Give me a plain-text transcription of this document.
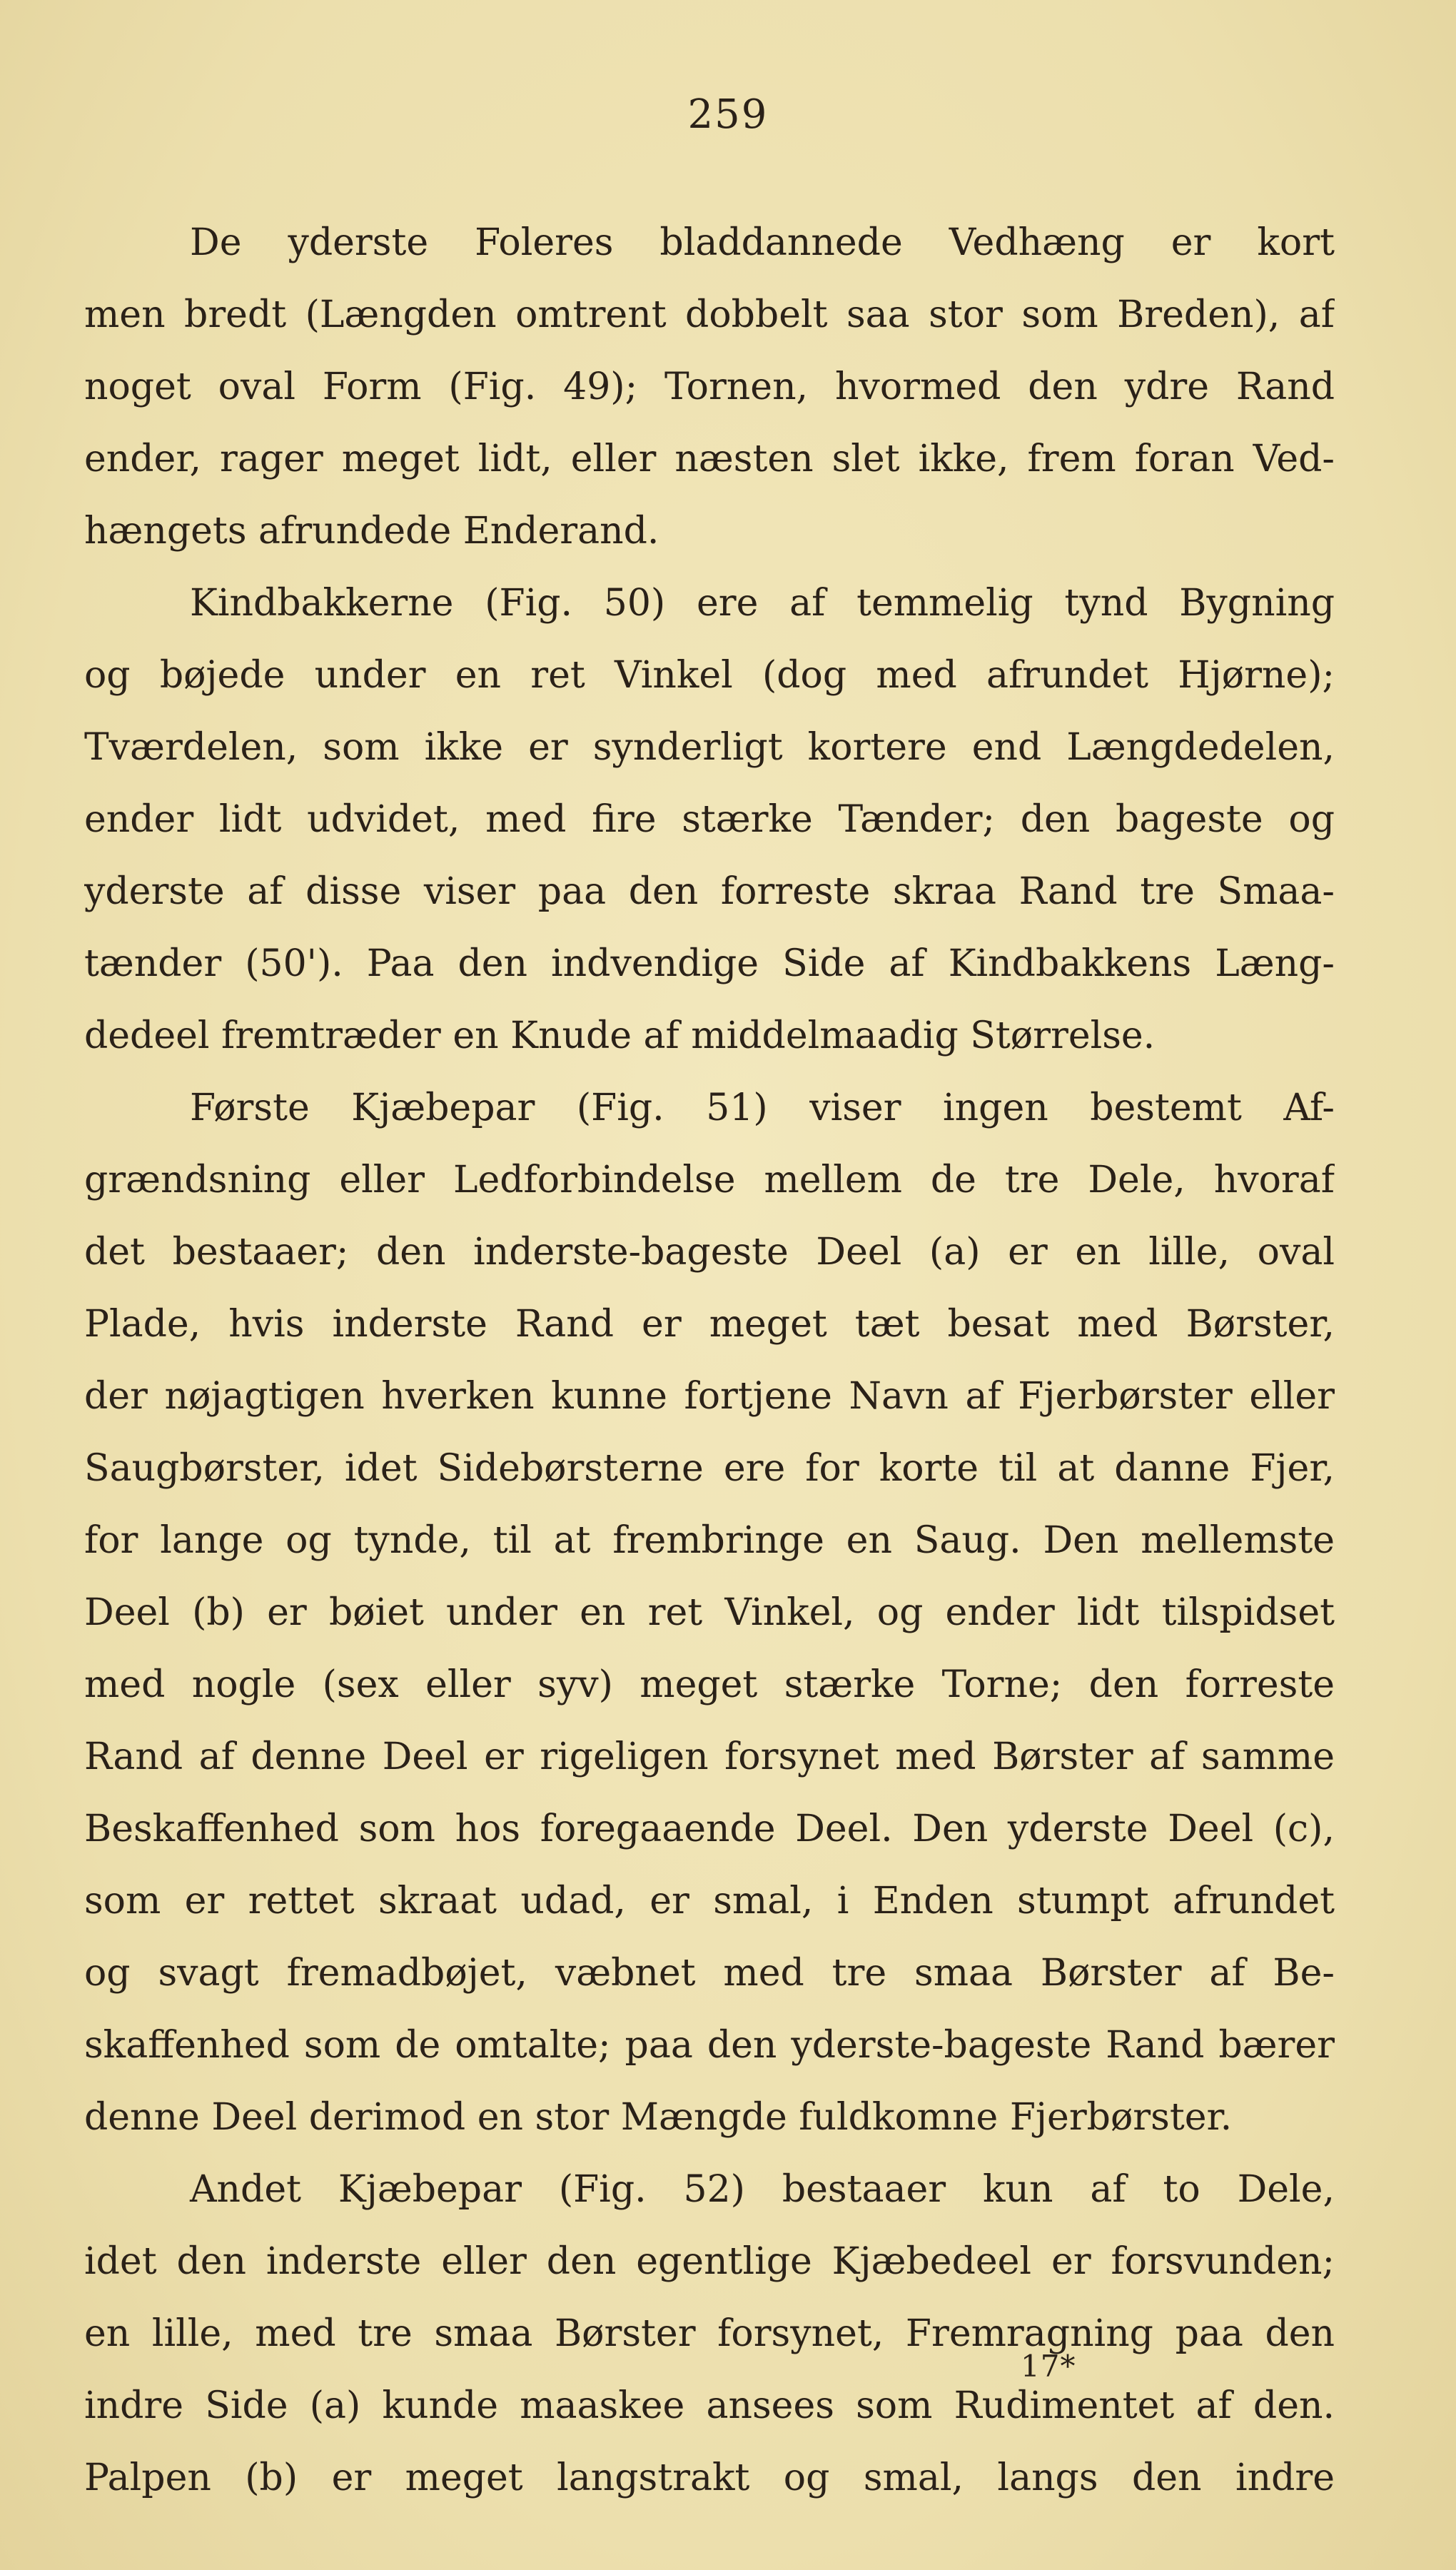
259
De yderste Foleres bladdannede Vedhæng er kort
men bredt (Længden omtrent dobbelt saa stor som Breden), af
noget oval Form (Fig. 49); Tornen, hvormed den ydre Rand
ender, rager meget lidt, eller næsten slet ikke, frem foran Ved-
hængets afrundede Enderand.
Kindbakkerne (Fig. 50) ere af temmelig tynd Bygning
og bøjede under en ret Vinkel (dog med afrundet Hjørne);
Tværdelen, som ikke er synderligt kortere end Længdedelen,
ender lidt udvidet, med fire stærke Tænder; den bageste og
yderste af disse viser paa den forreste skraa Rand tre Smaa-
tænder (50'). Paa den indvendige Side af Kindbakkens Læng-
dedeel fremtræder en Knude af middelmaadig Størrelse.
Første Kjæbepar (Fig. 51) viser ingen bestemt Af-
grændsning eller Ledforbindelse mellem de tre Dele, hvoraf
det bestaaer; den inderste-bageste Deel (a) er en lille, oval
Plade, hvis inderste Rand er meget tæt besat med Børster,
der nøjagtigen hverken kunne fortjene Navn af Fjerbørster eller
Saugbørster, idet Sidebørsterne ere for korte til at danne Fjer,
for lange og tynde, til at frembringe en Saug. Den mellemste
Deel (b) er bøiet under en ret Vinkel, og ender lidt tilspidset
med nogle (sex eller syv) meget stærke Torne; den forreste
Rand af denne Deel er rigeligen forsynet med Børster af samme
Beskaffenhed som hos foregaaende Deel. Den yderste Deel (c),
som er rettet skraat udad, er smal, i Enden stumpt afrundet
og svagt fremadbøjet, væbnet med tre smaa Børster af Be-
skaffenhed som de omtalte; paa den yderste-bageste Rand bærer
denne Deel derimod en stor Mængde fuldkomne Fjerbørster.
Andet Kjæbepar (Fig. 52) bestaaer kun af to Dele,
idet den inderste eller den egentlige Kjæbedeel er forsvunden;
en lille, med tre smaa Børster forsynet, Fremragning paa den
indre Side (a) kunde maaskee ansees som Rudimentet af den.
Palpen (b) er meget langstrakt og smal, langs den indre
17*
